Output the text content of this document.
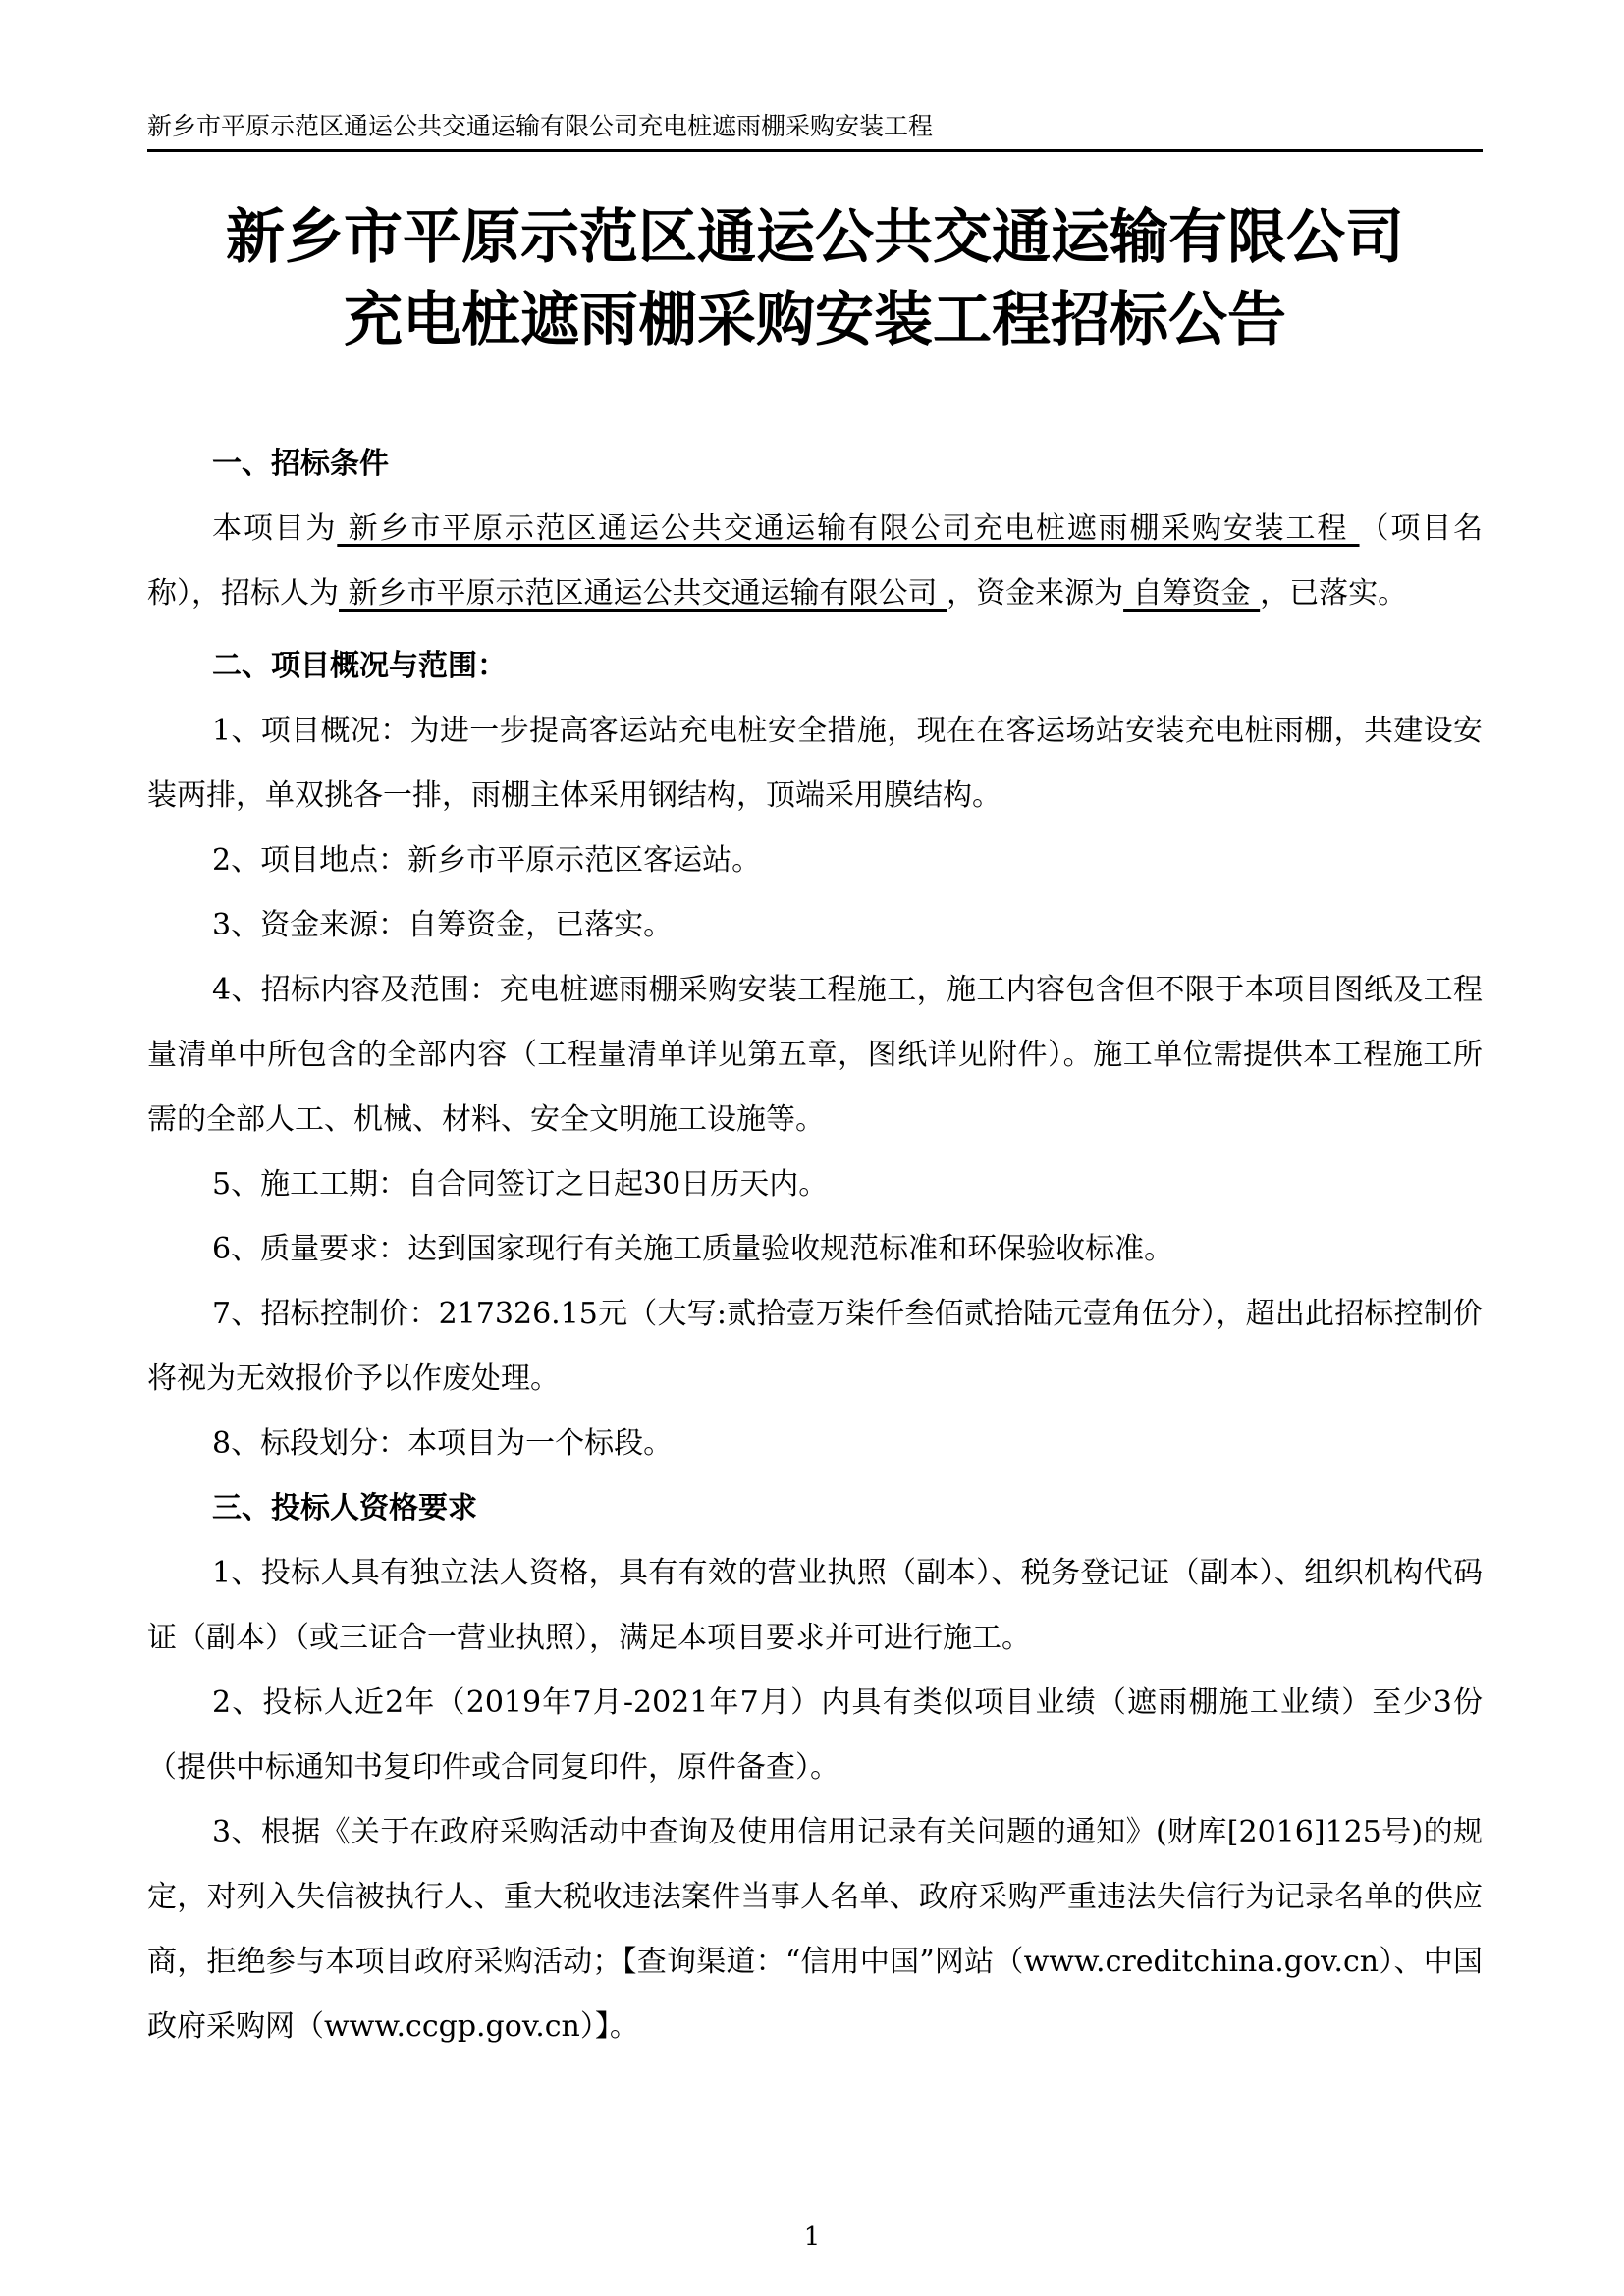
新乡市平原示范区通运公共交通运输有限公司充电桩遮雨棚采购安装工程
新乡市平原示范区通运公共交通运输有限公司
充电桩遮雨棚采购安装工程招标公告
一、招标条件

本项目为 新乡市平原示范区通运公共交通运输有限公司充电桩遮雨棚采购安装工程 （项目名称），招标人为 新乡市平原示范区通运公共交通运输有限公司 ，资金来源为 自筹资金 ，已落实。

二、项目概况与范围：

1、项目概况：为进一步提高客运站充电桩安全措施，现在在客运场站安装充电桩雨棚，共建设安装两排，单双挑各一排，雨棚主体采用钢结构，顶端采用膜结构。

2、项目地点：新乡市平原示范区客运站。

3、资金来源：自筹资金，已落实。

4、招标内容及范围：充电桩遮雨棚采购安装工程施工，施工内容包含但不限于本项目图纸及工程量清单中所包含的全部内容（工程量清单详见第五章，图纸详见附件）。施工单位需提供本工程施工所需的全部人工、机械、材料、安全文明施工设施等。

5、施工工期：自合同签订之日起30日历天内。

6、质量要求：达到国家现行有关施工质量验收规范标准和环保验收标准。

7、招标控制价：217326.15元（大写:贰拾壹万柒仟叁佰贰拾陆元壹角伍分），超出此招标控制价将视为无效报价予以作废处理。

8、标段划分：本项目为一个标段。

三、投标人资格要求

1、投标人具有独立法人资格，具有有效的营业执照（副本）、税务登记证（副本）、组织机构代码证（副本）（或三证合一营业执照），满足本项目要求并可进行施工。

2、投标人近2年（2019年7月-2021年7月）内具有类似项目业绩（遮雨棚施工业绩）至少3份（提供中标通知书复印件或合同复印件，原件备查）。

3、根据《关于在政府采购活动中查询及使用信用记录有关问题的通知》(财库[2016]125号)的规定，对列入失信被执行人、重大税收违法案件当事人名单、政府采购严重违法失信行为记录名单的供应商，拒绝参与本项目政府采购活动；【查询渠道：“信用中国”网站（www.creditchina.gov.cn）、中国政府采购网（www.ccgp.gov.cn）】。

1
